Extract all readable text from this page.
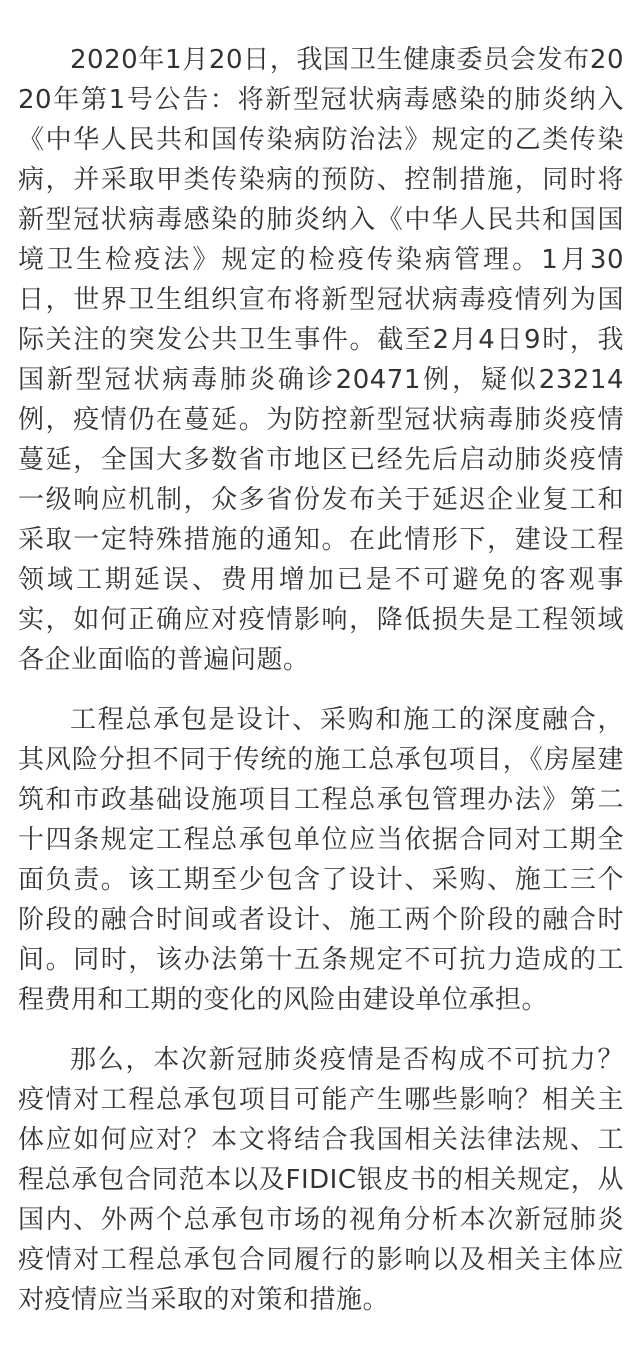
2020年1月20日，我国卫生健康委员会发布2020年第1号公告：将新型冠状病毒感染的肺炎纳入《中华人民共和国传染病防治法》规定的乙类传染病，并采取甲类传染病的预防、控制措施，同时将新型冠状病毒感染的肺炎纳入《中华人民共和国国境卫生检疫法》规定的检疫传染病管理。1月30日，世界卫生组织宣布将新型冠状病毒疫情列为国际关注的突发公共卫生事件。截至2月4日9时，我国新型冠状病毒肺炎确诊20471例，疑似23214例，疫情仍在蔓延。为防控新型冠状病毒肺炎疫情蔓延，全国大多数省市地区已经先后启动肺炎疫情一级响应机制，众多省份发布关于延迟企业复工和采取一定特殊措施的通知。在此情形下，建设工程领域工期延误、费用增加已是不可避免的客观事实，如何正确应对疫情影响，降低损失是工程领域各企业面临的普遍问题。

工程总承包是设计、采购和施工的深度融合，其风险分担不同于传统的施工总承包项目，《房屋建筑和市政基础设施项目工程总承包管理办法》第二十四条规定工程总承包单位应当依据合同对工期全面负责。该工期至少包含了设计、采购、施工三个阶段的融合时间或者设计、施工两个阶段的融合时间。同时，该办法第十五条规定不可抗力造成的工程费用和工期的变化的风险由建设单位承担。

那么，本次新冠肺炎疫情是否构成不可抗力？疫情对工程总承包项目可能产生哪些影响？相关主体应如何应对？本文将结合我国相关法律法规、工程总承包合同范本以及FIDIC银皮书的相关规定，从国内、外两个总承包市场的视角分析本次新冠肺炎疫情对工程总承包合同履行的影响以及相关主体应对疫情应当采取的对策和措施。
